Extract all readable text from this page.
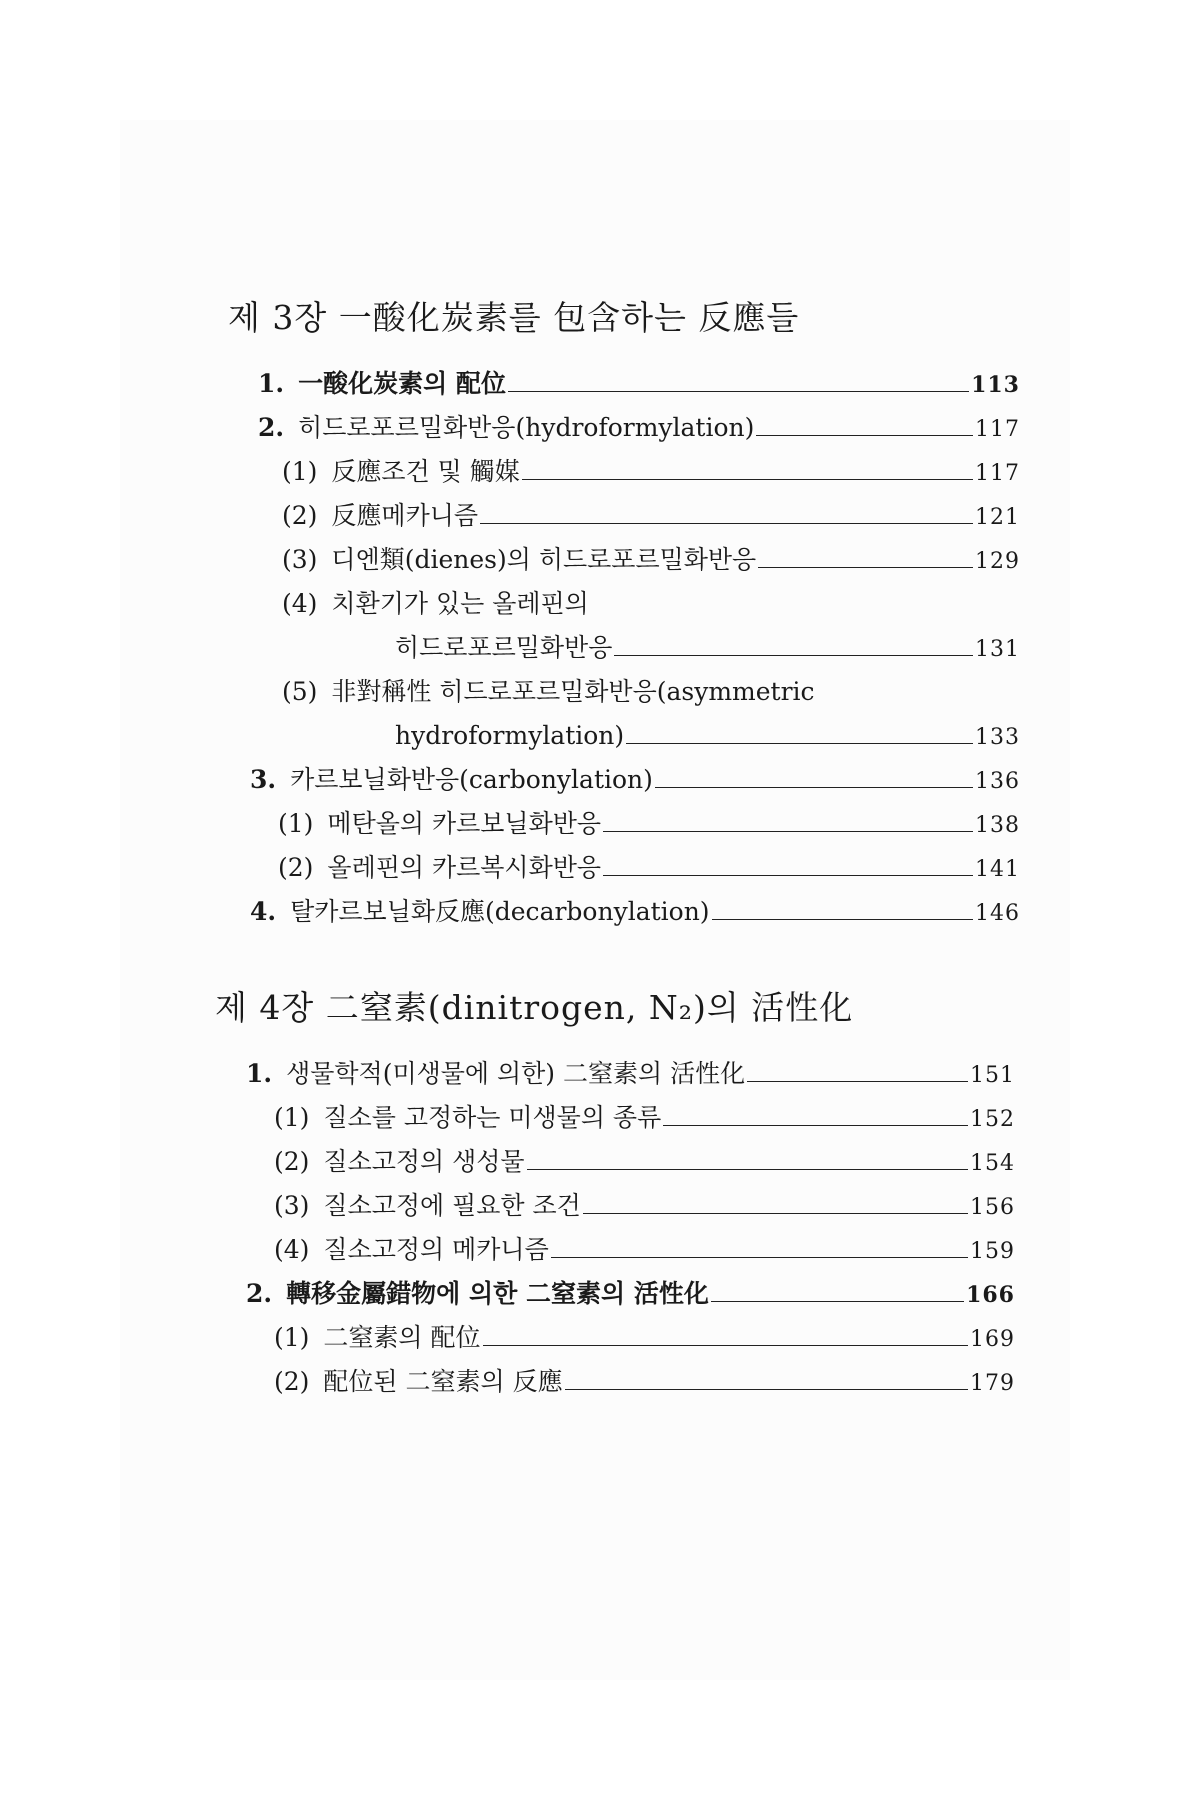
제 3장 一酸化炭素를 包含하는 反應들
1. 一酸化炭素의 配位	113
2. 히드로포르밀화반응(hydroformylation)	117
(1) 反應조건 및 觸媒	117
(2) 反應메카니즘	121
(3) 디엔類(dienes)의 히드로포르밀화반응	129
(4) 치환기가 있는 올레핀의
히드로포르밀화반응	131
(5) 非對稱性 히드로포르밀화반응(asymmetric
hydroformylation)	133
3. 카르보닐화반응(carbonylation)	136
(1) 메탄올의 카르보닐화반응	138
(2) 올레핀의 카르복시화반응	141
4. 탈카르보닐화反應(decarbonylation)	146
제 4장 二窒素(dinitrogen, N₂)의 活性化
1. 생물학적(미생물에 의한) 二窒素의 活性化	151
(1) 질소를 고정하는 미생물의 종류	152
(2) 질소고정의 생성물	154
(3) 질소고정에 필요한 조건	156
(4) 질소고정의 메카니즘	159
2. 轉移金屬錯物에 의한 二窒素의 活性化	166
(1) 二窒素의 配位	169
(2) 配位된 二窒素의 反應	179
